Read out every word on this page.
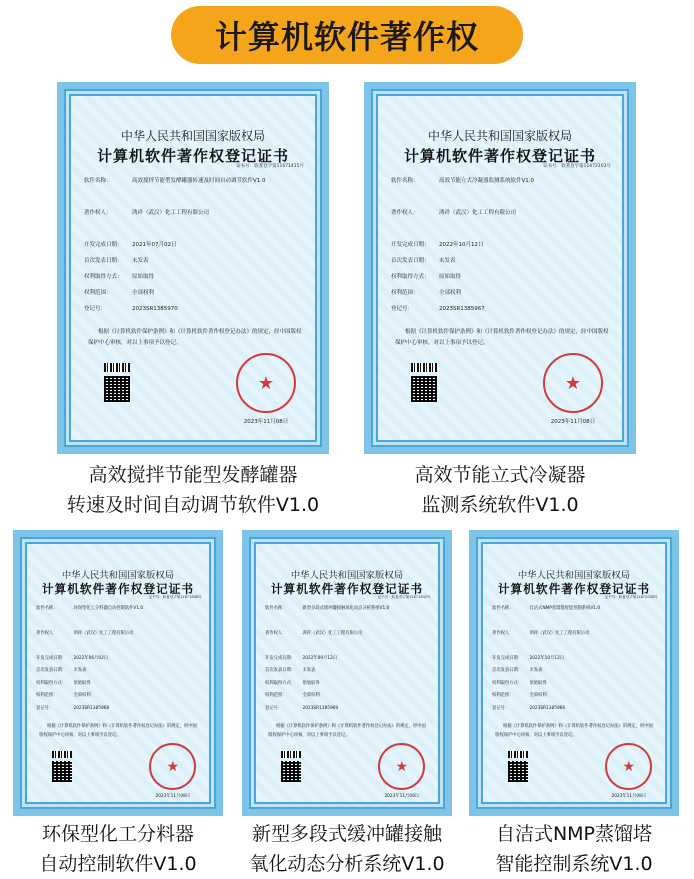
计算机软件著作权
中华人民共和国国家版权局
计算机软件著作权登记证书
证书号：软著登字第11671415号
软件名称：	高效搅拌节能型发酵罐器转速及时间自动调节软件V1.0
著作权人：	鸿祥（武汉）化工工程有限公司
开发完成日期：	2021年07月02日
首次发表日期：	未发表
权利取得方式：	原始取得
权利范围：	全部权利
登记号：	2023SR1385970
根据《计算机软件保护条例》和《计算机软件著作权登记办法》的规定，经中国版权保护中心审核，对以上事项予以登记。
★
2023年11月08日
高效搅拌节能型发酵罐器
转速及时间自动调节软件V1.0
中华人民共和国国家版权局
计算机软件著作权登记证书
证书号：软著登字第11672103号
软件名称：	高效节能立式冷凝器监测系统软件V1.0
著作权人：	鸿祥（武汉）化工工程有限公司
开发完成日期：	2022年10月12日
首次发表日期：	未发表
权利取得方式：	原始取得
权利范围：	全部权利
登记号：	2023SR1385967
根据《计算机软件保护条例》和《计算机软件著作权登记办法》的规定，经中国版权保护中心审核，对以上事项予以登记。
★
2023年11月08日
高效节能立式冷凝器
监测系统软件V1.0
中华人民共和国国家版权局
计算机软件著作权登记证书
证书号：软著登字第11671608号
软件名称：	环保型化工分料器自动控制软件V1.0
著作权人：	鸿祥（武汉）化工工程有限公司
开发完成日期：	2022年06月02日
首次发表日期：	未发表
权利取得方式：	原始取得
权利范围：	全部权利
登记号：	2023SR1385968
根据《计算机软件保护条例》和《计算机软件著作权登记办法》的规定，经中国版权保护中心审核，对以上事项予以登记。
★
2023年11月08日
环保型化工分料器
自动控制软件V1.0
中华人民共和国国家版权局
计算机软件著作权登记证书
证书号：软著登字第11671632号
软件名称：	新型多段式缓冲罐接触氧化动态分析系统V1.0
著作权人：	鸿祥（武汉）化工工程有限公司
开发完成日期：	2022年09月12日
首次发表日期：	未发表
权利取得方式：	原始取得
权利范围：	全部权利
登记号：	2023SR1385969
根据《计算机软件保护条例》和《计算机软件著作权登记办法》的规定，经中国版权保护中心审核，对以上事项予以登记。
★
2023年11月08日
新型多段式缓冲罐接触
氧化动态分析系统V1.0
中华人民共和国国家版权局
计算机软件著作权登记证书
证书号：软著登字第11672058号
软件名称：	自洁式NMP蒸馏塔智能控制系统V1.0
著作权人：	鸿祥（武汉）化工工程有限公司
开发完成日期：	2022年10月12日
首次发表日期：	未发表
权利取得方式：	原始取得
权利范围：	全部权利
登记号：	2023SR1385966
根据《计算机软件保护条例》和《计算机软件著作权登记办法》的规定，经中国版权保护中心审核，对以上事项予以登记。
★
2023年11月08日
自洁式NMP蒸馏塔
智能控制系统V1.0
